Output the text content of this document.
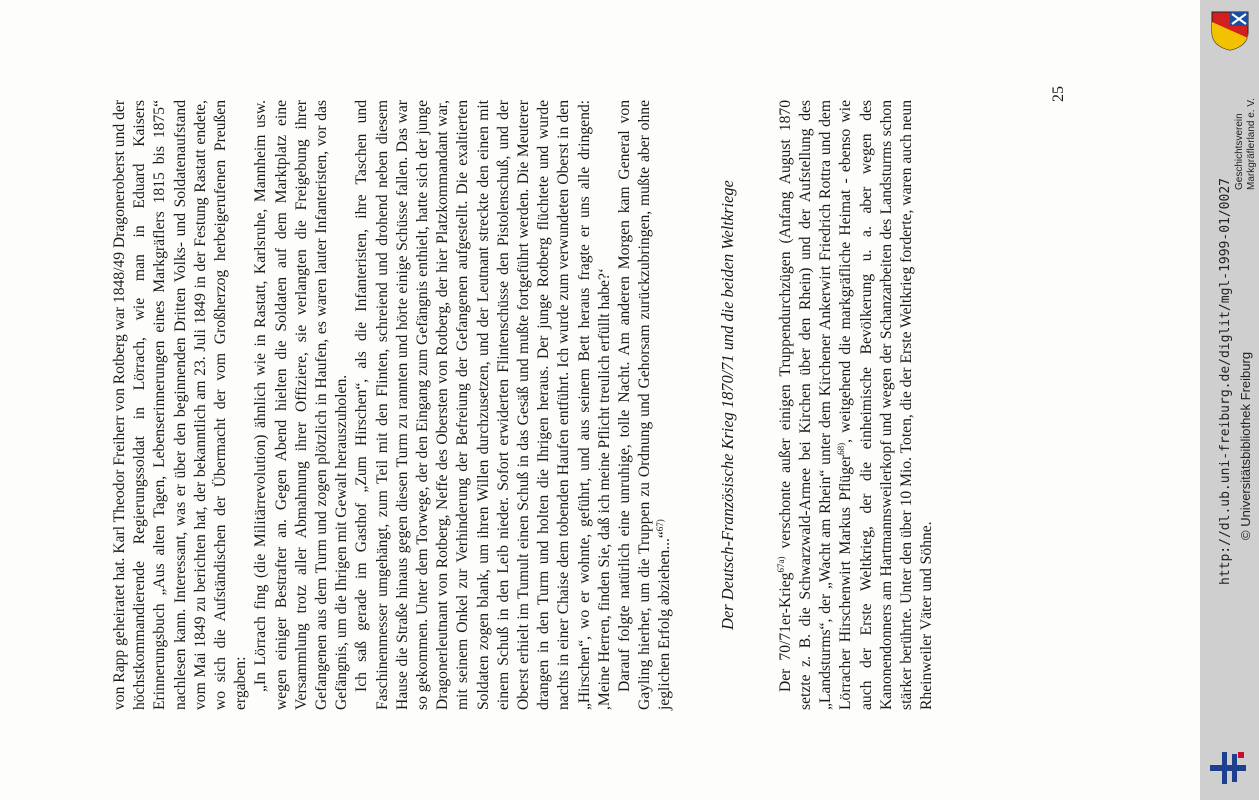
von Rapp geheiratet hat. Karl Theodor Freiherr von Rotberg war 1848/49 Dragoneroberst und der höchstkommandierende Regierungssoldat in Lörrach, wie man in Eduard Kaisers Erinnerungsbuch „Aus alten Tagen, Lebenserinnerungen eines Markgräflers 1815 bis 1875“ nachlesen kann. Interessant, was er über den beginnenden Dritten Volks- und Soldatenaufstand vom Mai 1849 zu berichten hat, der bekanntlich am 23. Juli 1849 in der Festung Rastatt endete, wo sich die Aufständischen der Übermacht der vom Großherzog herbeigerufenen Preußen ergaben: „In Lörrach fing (die Militärrevolution) ähnlich wie in Rastatt, Karlsruhe, Mannheim usw. wegen einiger Bestrafter an. Gegen Abend hielten die Soldaten auf dem Marktplatz eine Versammlung trotz aller Abmahnung ihrer Offiziere, sie verlangten die Freigebung ihrer Gefangenen aus dem Turm und zogen plötzlich in Haufen, es waren lauter Infanteristen, vor das Gefängnis, um die Ihrigen mit Gewalt herauszuholen. Ich saß gerade im Gasthof „Zum Hirschen“, als die Infanteristen, ihre Taschen und Faschinenmesser umgehängt, zum Teil mit den Flinten, schreiend und drohend neben diesem Hause die Straße hinaus gegen diesen Turm zu rannten und hörte einige Schüsse fallen. Das war so gekommen. Unter dem Torwege, der den Eingang zum Gefängnis enthielt, hatte sich der junge Dragonerleutnant von Rotberg, Neffe des Obersten von Rotberg, der hier Platzkommandant war, mit seinem Onkel zur Verhinderung der Befreiung der Gefangenen aufgestellt. Die exaltierten Soldaten zogen blank, um ihren Willen durchzusetzen, und der Leutnant streckte den einen mit einem Schuß in den Leib nieder. Sofort erwiderten Flintenschüsse den Pistolenschuß, und der Oberst erhielt im Tumult einen Schuß in das Gesäß und mußte fortgeführt werden. Die Meuterer drangen in den Turm und holten die Ihrigen heraus. Der junge Rotberg flüchtete und wurde nachts in einer Chaise dem tobenden Haufen entführt. Ich wurde zum verwundeten Oberst in den „Hirschen“, wo er wohnte, geführt, und aus seinem Bett heraus fragte er uns alle dringend: ,Meine Herren, finden Sie, daß ich meine Pflicht treulich erfüllt habe?‘ Darauf folgte natürlich eine unruhige, tolle Nacht. Am anderen Morgen kam General von Gayling hierher, um die Truppen zu Ordnung und Gehorsam zurückzubringen, mußte aber ohne jeglichen Erfolg abziehen...“$^{67)}$	Der Deutsch-Französische Krieg 1870/71 und die beiden Weltkriege

Der 70/71er-Krieg$^{67a)}$ verschonte außer einigen Truppendurchzügen (Anfang August 1870 setzte z. B. die Schwarzwald-Armee bei Kirchen über den Rhein) und der Aufstellung des „Landsturms“, der „Wacht am Rhein“ unter dem Kirchener Ankerwirt Friedrich Rottra und dem Lörracher Hirschenwirt Markus Pflüger$^{68)}$, weitgehend die markgräfliche Heimat - ebenso wie auch der Erste Weltkrieg, der die einheimische Bevölkerung u. a. aber wegen des Kanonendonners am Hartmannsweilerkopf und wegen der Schanzarbeiten des Landsturms schon stärker berührte. Unter den über 10 Mio. Toten, die der Erste Weltkrieg forderte, waren auch neun Rheinweiler Väter und Söhne.

25
Geschichtsverein Markgräflerland e. V.
http://dl.ub.uni-freiburg.de/diglit/mgl-1999-01/0027 © Universitätsbibliothek Freiburg
